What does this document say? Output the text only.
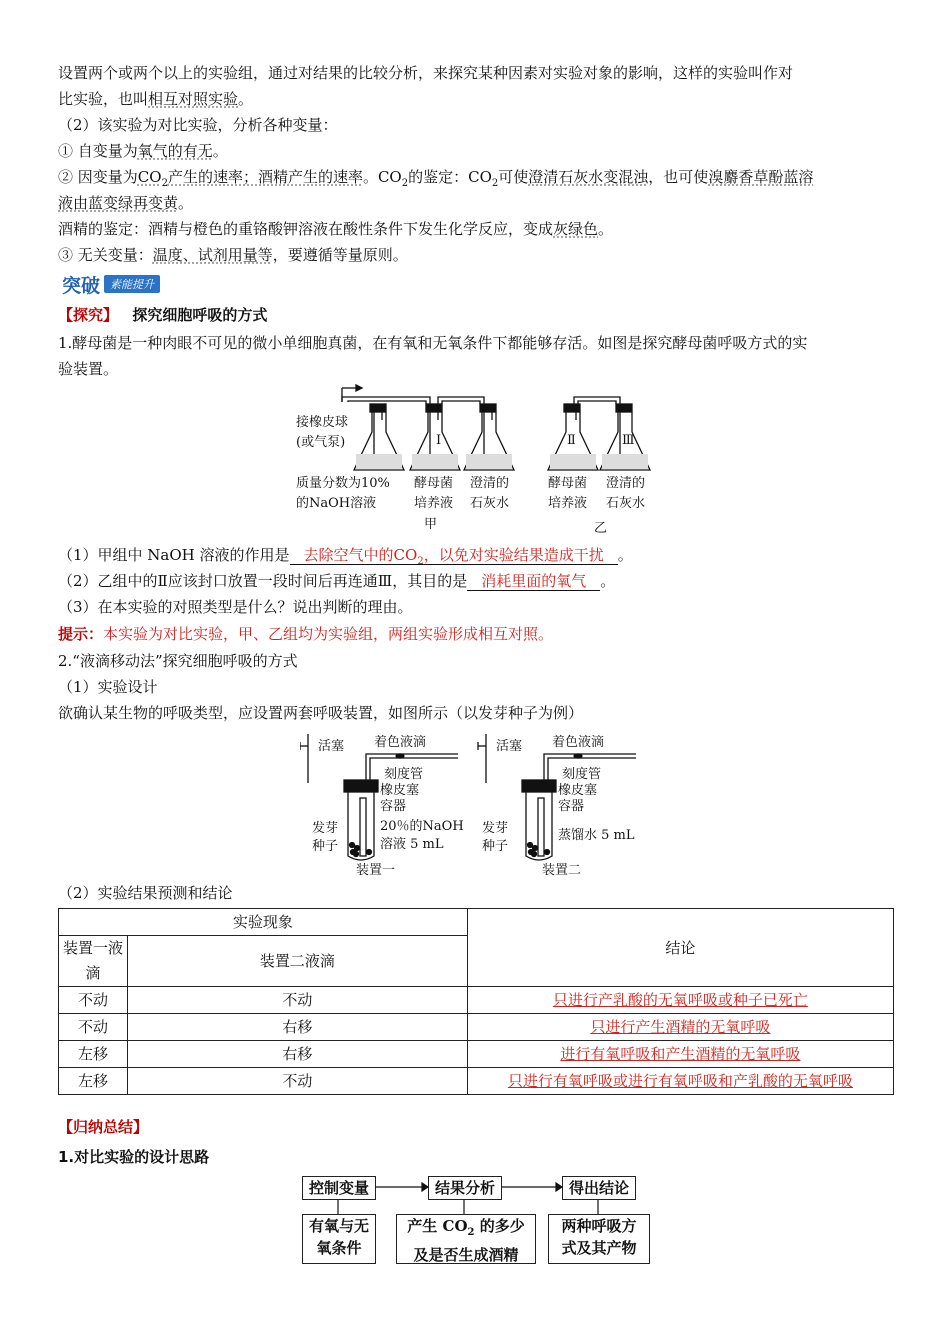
设置两个或两个以上的实验组，通过对结果的比较分析，来探究某种因素对实验对象的影响，这样的实验叫作对
比实验，也叫相互对照实验。
（2）该实验为对比实验，分析各种变量：
① 自变量为氧气的有无。
② 因变量为$CO_2$产生的速率；酒精产生的速率。$CO_2$的鉴定：$CO_2$可使澄清石灰水变混浊，也可使溴麝香草酚蓝溶
液由蓝变绿再变黄。
酒精的鉴定：酒精与橙色的重铬酸钾溶液在酸性条件下发生化学反应，变成灰绿色。
③ 无关变量：温度、试剂用量等，要遵循等量原则。
突破 素能提升
【探究】 探究细胞呼吸的方式
1.酵母菌是一种肉眼不可见的微小单细胞真菌，在有氧和无氧条件下都能够存活。如图是探究酵母菌呼吸方式的实
验装置。
Ⅰ	Ⅱ	Ⅲ
接橡皮球
(或气泵)
质量分数为10%
的NaOH溶液
酵母菌
培养液
澄清的
石灰水
甲
酵母菌
培养液
澄清的
石灰水
乙
（1）甲组中 NaOH 溶液的作用是 去除空气中的$CO_2$，以免对实验结果造成干扰 。
（2）乙组中的Ⅱ应该封口放置一段时间后再连通Ⅲ，其目的是 消耗里面的氧气 。
（3）在本实验的对照类型是什么？说出判断的理由。
提示：本实验为对比实验，甲、乙组均为实验组，两组实验形成相互对照。
2.“液滴移动法”探究细胞呼吸的方式
（1）实验设计
欲确认某生物的呼吸类型，应设置两套呼吸装置，如图所示（以发芽种子为例）
活塞 着色液滴
刻度管
橡皮塞
容器
发芽
种子
20％的NaOH
溶液 5 mL
装置一
活塞 着色液滴
刻度管
橡皮塞
容器
发芽
种子
蒸馏水 5 mL
装置二
（2）实验结果预测和结论
实验现象		结论
装置一液
滴	装置二液滴	
不动	不动	只进行产乳酸的无氧呼吸或种子已死亡
不动	右移	只进行产生酒精的无氧呼吸
左移	右移	进行有氧呼吸和产生酒精的无氧呼吸
左移	不动	只进行有氧呼吸或进行有氧呼吸和产乳酸的无氧呼吸
【归纳总结】
1.对比实验的设计思路
控制变量	结果分析	得出结论
有氧与无
氧条件
产生 $CO_2$ 的多少
及是否生成酒精
两种呼吸方
式及其产物
